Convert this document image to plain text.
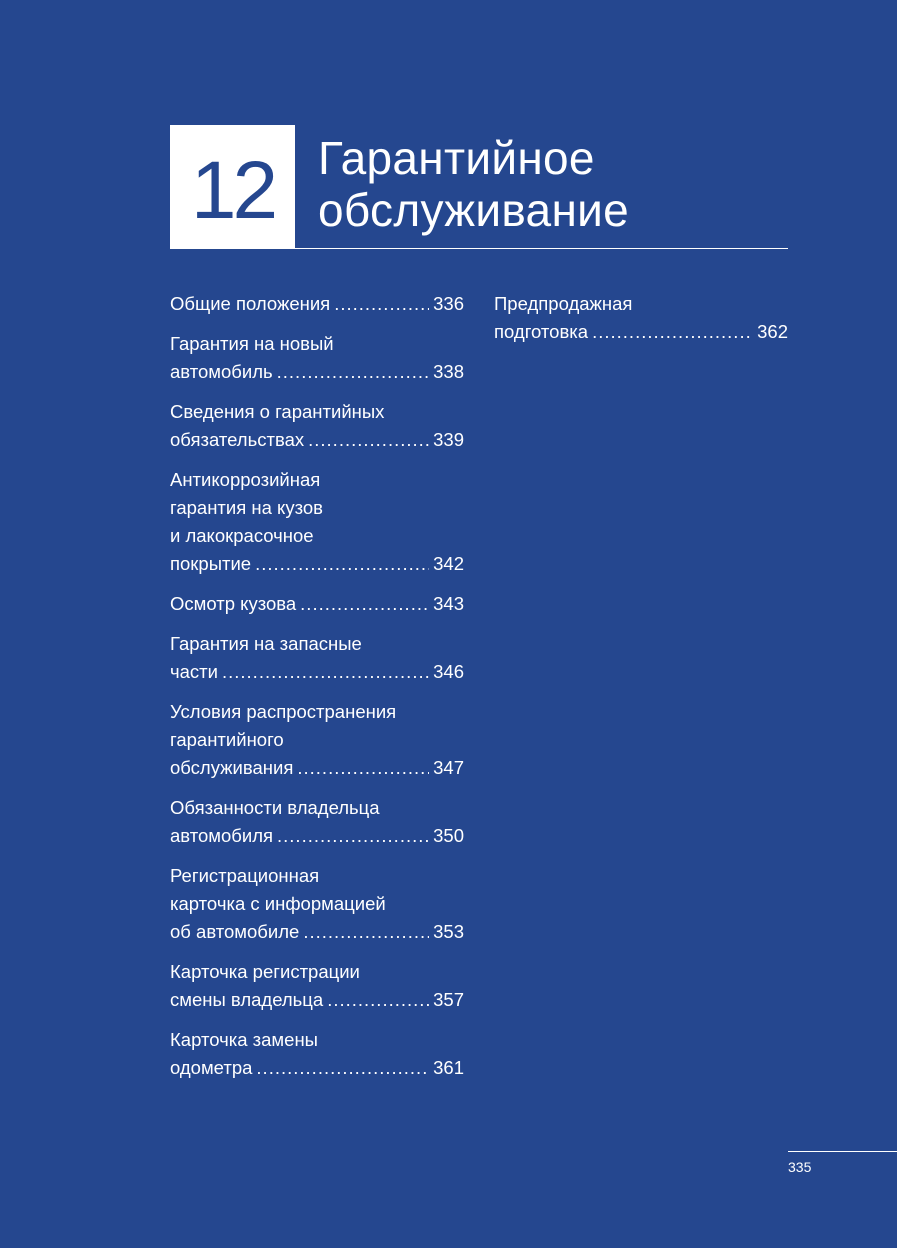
12 Гарантийное
обслуживание
Общие положения .....	336
Гарантия на новый
автомобиль .....	338
Сведения о гарантийных
обязательствах .....	339
Антикоррозийная
гарантия на кузов
и лакокрасочное
покрытие .....	342
Осмотр кузова .....	343
Гарантия на запасные
части .....	346
Условия распространения
гарантийного
обслуживания .....	347
Обязанности владельца
автомобиля .....	350
Регистрационная
карточка с информацией
об автомобиле .....	353
Карточка регистрации
смены владельца .....	357
Карточка замены
одометра .....	361
Предпродажная
подготовка .....	362
335
